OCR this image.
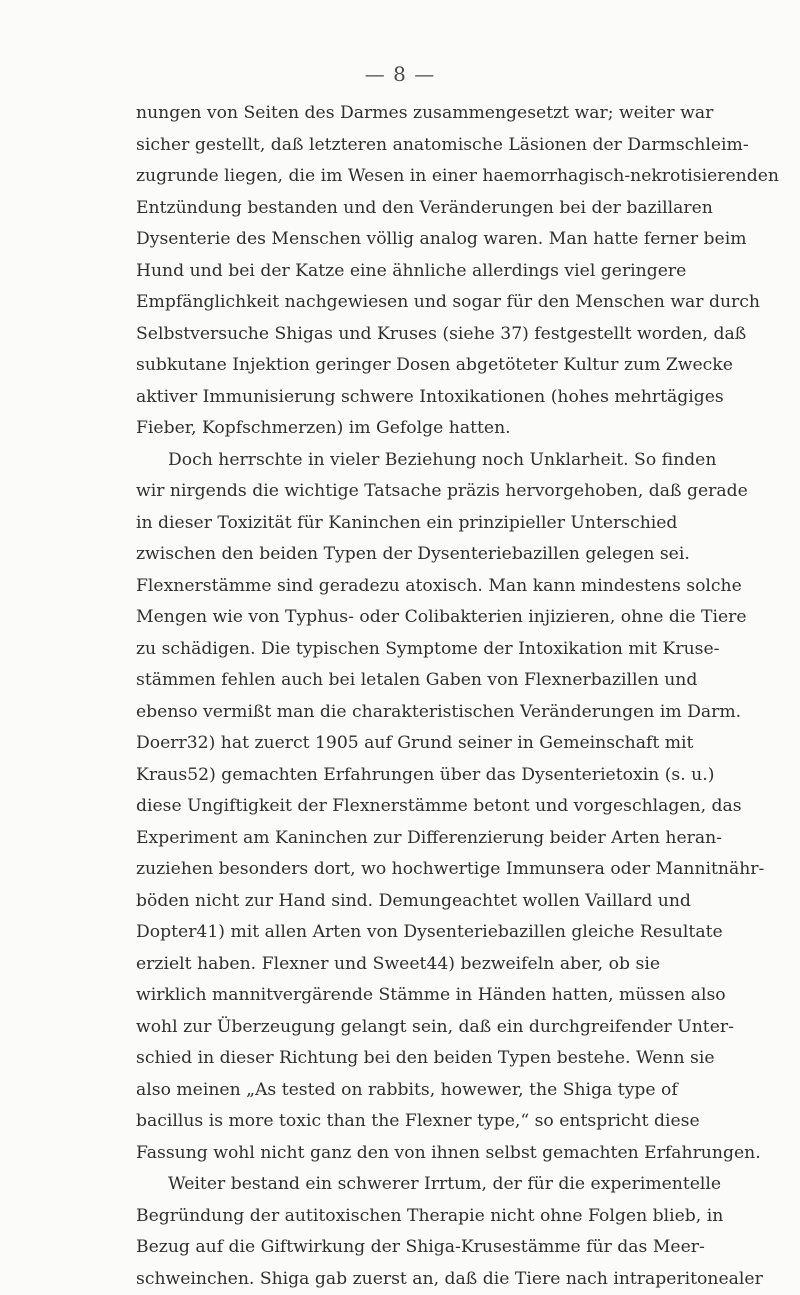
— 8 —
nungen von Seiten des Darmes zusammengesetzt war; weiter war
sicher gestellt, daß letzteren anatomische Läsionen der Darmschleim-
zugrunde liegen, die im Wesen in einer haemorrhagisch-nekrotisierenden
Entzündung bestanden und den Veränderungen bei der bazillaren
Dysenterie des Menschen völlig analog waren. Man hatte ferner beim
Hund und bei der Katze eine ähnliche allerdings viel geringere
Empfänglichkeit nachgewiesen und sogar für den Menschen war durch
Selbstversuche Shigas und Kruses (siehe 37) festgestellt worden, daß
subkutane Injektion geringer Dosen abgetöteter Kultur zum Zwecke
aktiver Immunisierung schwere Intoxikationen (hohes mehrtägiges
Fieber, Kopfschmerzen) im Gefolge hatten.
Doch herrschte in vieler Beziehung noch Unklarheit. So finden
wir nirgends die wichtige Tatsache präzis hervorgehoben, daß gerade
in dieser Toxizität für Kaninchen ein prinzipieller Unterschied
zwischen den beiden Typen der Dysenteriebazillen gelegen sei.
Flexnerstämme sind geradezu atoxisch. Man kann mindestens solche
Mengen wie von Typhus- oder Colibakterien injizieren, ohne die Tiere
zu schädigen. Die typischen Symptome der Intoxikation mit Kruse-
stämmen fehlen auch bei letalen Gaben von Flexnerbazillen und
ebenso vermißt man die charakteristischen Veränderungen im Darm.
Doerr32) hat zuerct 1905 auf Grund seiner in Gemeinschaft mit
Kraus52) gemachten Erfahrungen über das Dysenterietoxin (s. u.)
diese Ungiftigkeit der Flexnerstämme betont und vorgeschlagen, das
Experiment am Kaninchen zur Differenzierung beider Arten heran-
zuziehen besonders dort, wo hochwertige Immunsera oder Mannitnähr-
böden nicht zur Hand sind. Demungeachtet wollen Vaillard und
Dopter41) mit allen Arten von Dysenteriebazillen gleiche Resultate
erzielt haben. Flexner und Sweet44) bezweifeln aber, ob sie
wirklich mannitvergärende Stämme in Händen hatten, müssen also
wohl zur Überzeugung gelangt sein, daß ein durchgreifender Unter-
schied in dieser Richtung bei den beiden Typen bestehe. Wenn sie
also meinen „As tested on rabbits, howewer, the Shiga type of
bacillus is more toxic than the Flexner type,“ so entspricht diese
Fassung wohl nicht ganz den von ihnen selbst gemachten Erfahrungen.
Weiter bestand ein schwerer Irrtum, der für die experimentelle
Begründung der autitoxischen Therapie nicht ohne Folgen blieb, in
Bezug auf die Giftwirkung der Shiga-Krusestämme für das Meer-
schweinchen. Shiga gab zuerst an, daß die Tiere nach intraperitonealer
